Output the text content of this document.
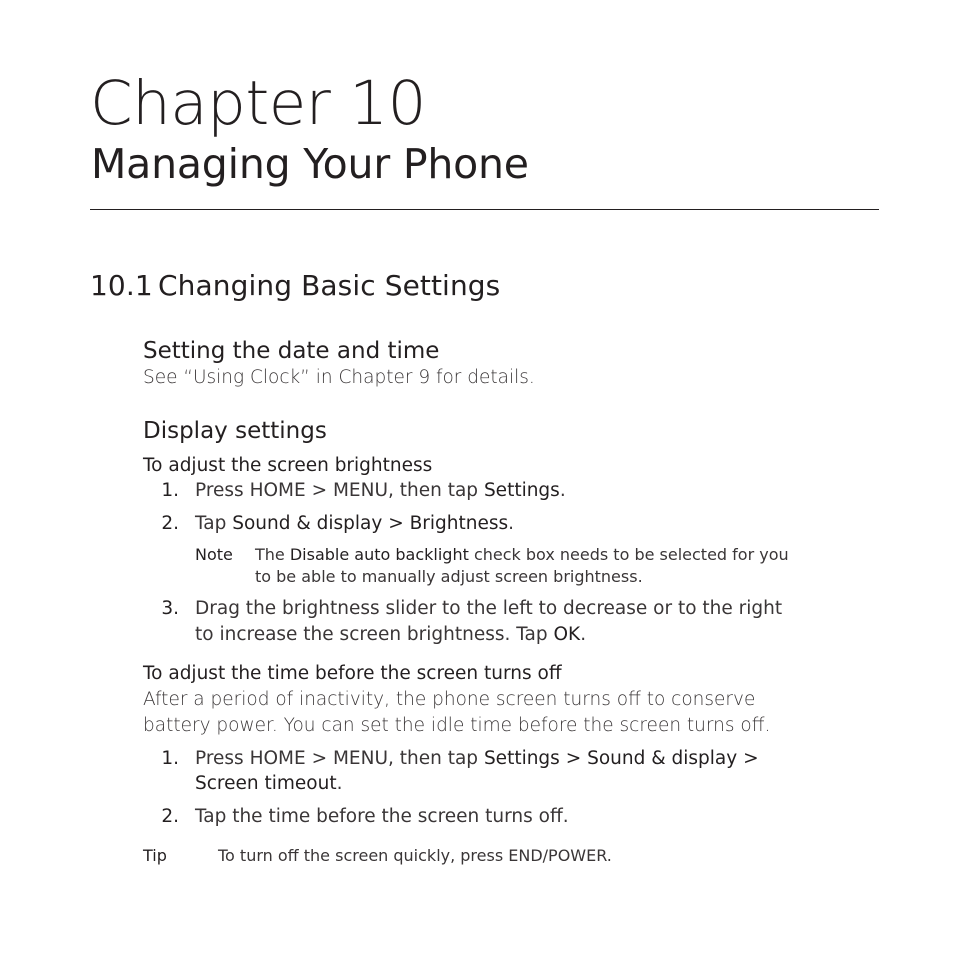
Chapter 10
Managing Your Phone
10.1 Changing Basic Settings
Setting the date and time
See “Using Clock” in Chapter 9 for details.
Display settings
To adjust the screen brightness
1. Press HOME > MENU, then tap Settings.
2. Tap Sound & display > Brightness.
Note The Disable auto backlight check box needs to be selected for you
to be able to manually adjust screen brightness.
3. Drag the brightness slider to the left to decrease or to the right
to increase the screen brightness. Tap OK.
To adjust the time before the screen turns off
After a period of inactivity, the phone screen turns off to conserve
battery power. You can set the idle time before the screen turns off.
1. Press HOME > MENU, then tap Settings > Sound & display >
Screen timeout.
2. Tap the time before the screen turns off.
Tip	To turn off the screen quickly, press END/POWER.
